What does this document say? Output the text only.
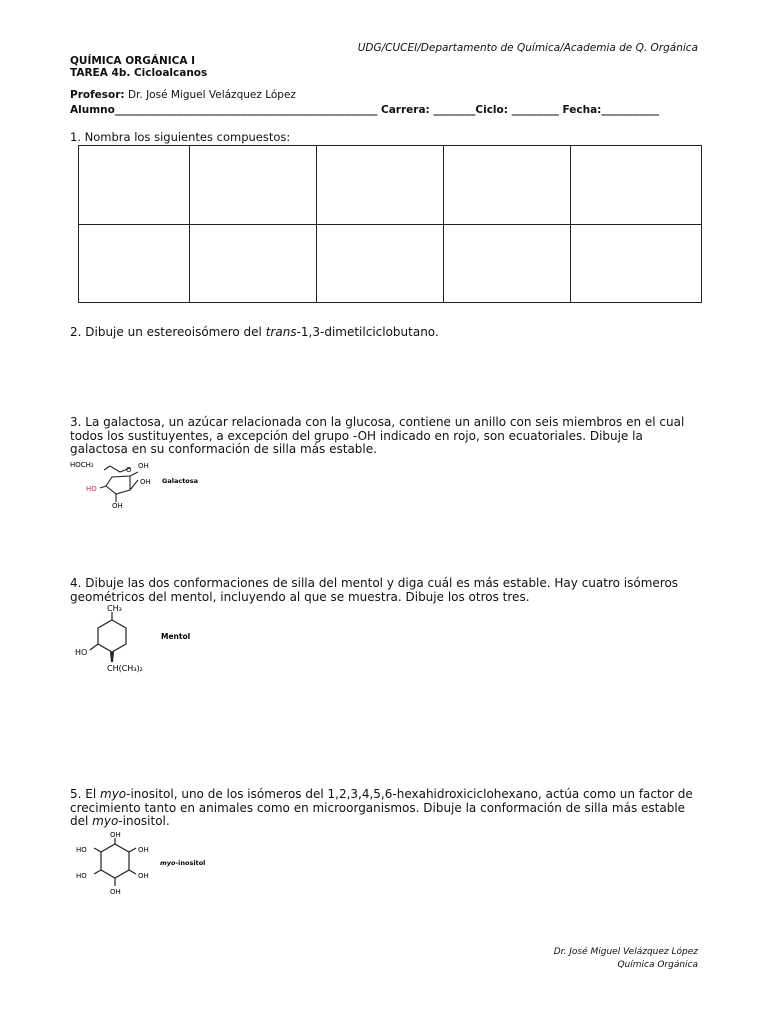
UDG/CUCEI/Departamento de Química/Academia de Q. Orgánica
QUÍMICA ORGÁNICA I
TAREA 4b. Cicloalcanos
Profesor: Dr. José Miguel Velázquez López
Alumno__________________________________________________ Carrera: ________Ciclo: _________ Fecha:___________
1. Nombra los siguientes compuestos:

2. Dibuje un estereoisómero del trans-1,3-dimetilciclobutano.
3. La galactosa, un azúcar relacionada con la glucosa, contiene un anillo con seis miembros en el cual todos los sustituyentes, a excepción del grupo -OH indicado en rojo, son ecuatoriales. Dibuje la galactosa en su conformación de silla más estable.
HOCH₂
O OH
HO
OH
OH
Galactosa
4. Dibuje las dos conformaciones de silla del mentol y diga cuál es más estable. Hay cuatro isómeros geométricos del mentol, incluyendo al que se muestra. Dibuje los otros tres.
CH₃
HO
CH(CH₃)₂
Mentol
5. El myo-inositol, uno de los isómeros del 1,2,3,4,5,6-hexahidroxiciclohexano, actúa como un factor de crecimiento tanto en animales como en microorganismos. Dibuje la conformación de silla más estable del myo-inositol.
OH
OH
OH
OH
HO
HO
myo-inositol
Dr. José Miguel Velázquez López
Química Orgánica
